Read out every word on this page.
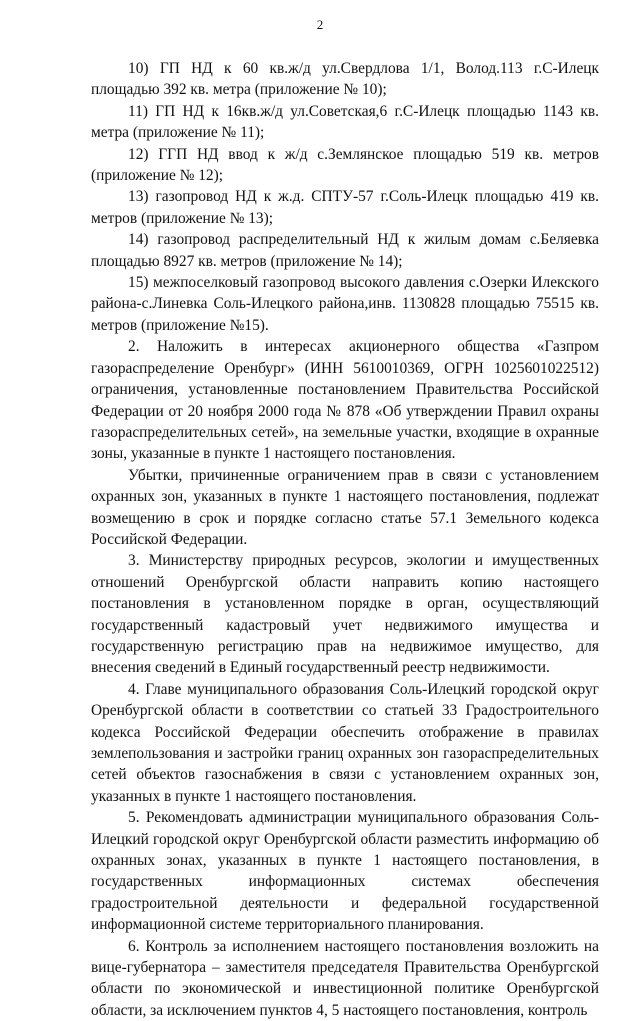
2

10) ГП НД к 60 кв.ж/д ул.Свердлова 1/1, Волод.113 г.С-Илецк площадью 392 кв. метра (приложение № 10);

11) ГП НД к 16кв.ж/д ул.Советская,6 г.С-Илецк площадью 1143 кв. метра (приложение № 11);

12) ГГП НД ввод к ж/д с.Землянское площадью 519 кв. метров (приложение № 12);

13) газопровод НД к ж.д. СПТУ-57 г.Соль-Илецк площадью 419 кв. метров (приложение № 13);

14) газопровод распределительный НД к жилым домам с.Беляевка площадью 8927 кв. метров (приложение № 14);

15) межпоселковый газопровод высокого давления с.Озерки Илекского района-с.Линевка Соль-Илецкого района,инв. 1130828 площадью 75515 кв. метров (приложение №15).

2. Наложить в интересах акционерного общества «Газпром газораспределение Оренбург» (ИНН 5610010369, ОГРН 1025601022512) ограничения, установленные постановлением Правительства Российской Федерации от 20 ноября 2000 года № 878 «Об утверждении Правил охраны газораспределительных сетей», на земельные участки, входящие в охранные зоны, указанные в пункте 1 настоящего постановления.

Убытки, причиненные ограничением прав в связи с установлением охранных зон, указанных в пункте 1 настоящего постановления, подлежат возмещению в срок и порядке согласно статье 57.1 Земельного кодекса Российской Федерации.

3. Министерству природных ресурсов, экологии и имущественных отношений Оренбургской области направить копию настоящего постановления в установленном порядке в орган, осуществляющий государственный кадастровый учет недвижимого имущества и государственную регистрацию прав на недвижимое имущество, для внесения сведений в Единый государственный реестр недвижимости.

4. Главе муниципального образования Соль-Илецкий городской округ Оренбургской области в соответствии со статьей 33 Градостроительного кодекса Российской Федерации обеспечить отображение в правилах землепользования и застройки границ охранных зон газораспределительных сетей объектов газоснабжения в связи с установлением охранных зон, указанных в пункте 1 настоящего постановления.

5. Рекомендовать администрации муниципального образования Соль-Илецкий городской округ Оренбургской области разместить информацию об охранных зонах, указанных в пункте 1 настоящего постановления, в государственных информационных системах обеспечения градостроительной деятельности и федеральной государственной информационной системе территориального планирования.

6. Контроль за исполнением настоящего постановления возложить на вице-губернатора – заместителя председателя Правительства Оренбургской области по экономической и инвестиционной политике Оренбургской области, за исключением пунктов 4, 5 настоящего постановления, контроль
